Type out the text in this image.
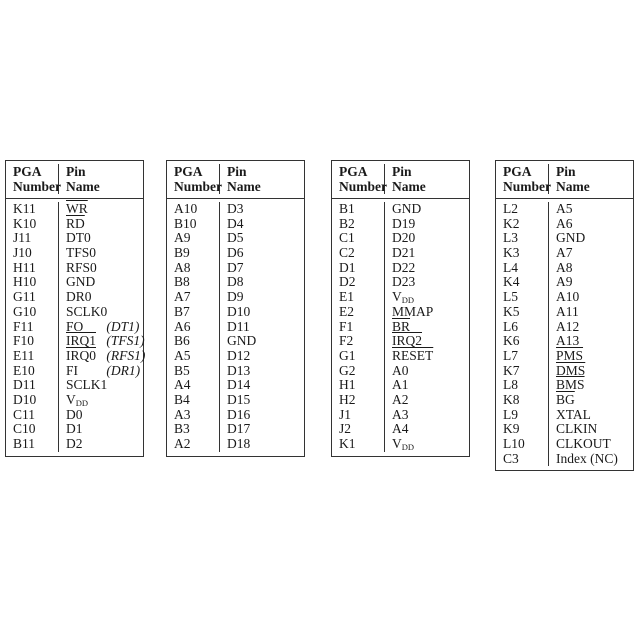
PGA
Number
Pin
Name
K11	$\overline{WR}$
K10	$\overline{RD}$
J11	DT0
J10	TFS0
H11	RFS0
H10	GND
G11	DR0
G10	SCLK0
F11	FO (DT1)
F10	IRQ1 (TFS1)
E11	IRQ0 (RFS1)
E10	FI (DR1)
D11	SCLK1
D10	$V_{DD}$
C11	D0
C10	D1
B11	D2
PGA
Number
Pin
Name
A10	D3
B10	D4
A9	D5
B9	D6
A8	D7
B8	D8
A7	D9
B7	D10
A6	D11
B6	GND
A5	D12
B5	D13
A4	D14
B4	D15
A3	D16
B3	D17
A2	D18
PGA
Number
Pin
Name
B1	GND
B2	D19
C1	D20
C2	D21
D1	D22
D2	D23
E1	$V_{DD}$
E2	MMAP
F1	$\overline{BR}$
F2	IRQ2
G1	RESET
G2	A0
H1	A1
H2	A2
J1	A3
J2	A4
K1	$V_{DD}$
PGA
Number
Pin
Name
L2	A5
K2	A6
L3	GND
K3	A7
L4	A8
K4	A9
L5	A10
K5	A11
L6	A12
K6	A13
L7	$\overline{PMS}$
K7	$\overline{DMS}$
L8	$\overline{BMS}$
K8	$\overline{BG}$
L9	XTAL
K9	CLKIN
L10	CLKOUT
C3	Index (NC)
